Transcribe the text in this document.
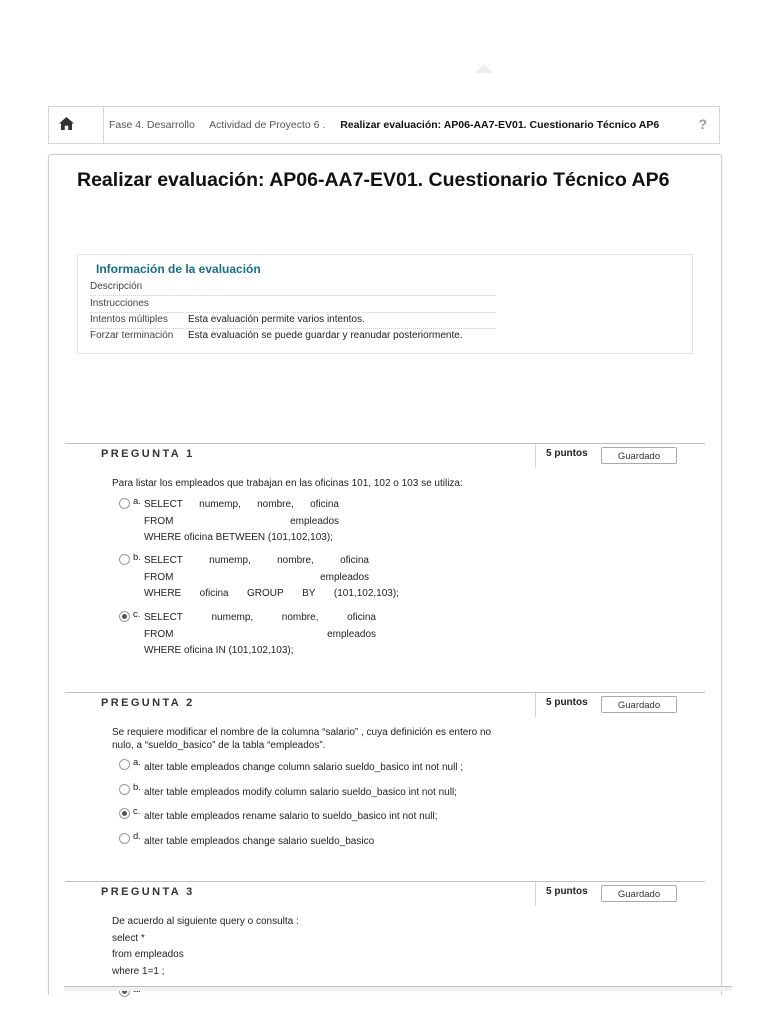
Fase 4. Desarrollo Actividad de Proyecto 6 . Realizar evaluación: AP06-AA7-EV01. Cuestionario Técnico AP6	?
Realizar evaluación: AP06-AA7-EV01. Cuestionario Técnico AP6
Información de la evaluación
Descripción
Instrucciones
Intentos múltiples Esta evaluación permite varios intentos.
Forzar terminación Esta evaluación se puede guardar y reanudar posteriormente.
PREGUNTA 1	5 puntos	Guardado
Para listar los empleados que trabajan en las oficinas 101, 102 o 103 se utiliza:
a. SELECT numemp, nombre, oficina
FROM	empleados
WHERE oficina BETWEEN (101,102,103);
b. SELECT	numemp,	nombre,	oficina
FROM	empleados
WHERE oficina GROUP BY (101,102,103);
c. SELECT	numemp,	nombre,	oficina
FROM	empleados
WHERE oficina IN (101,102,103);
PREGUNTA 2	5 puntos	Guardado
Se requiere modificar el nombre de la columna “salario” , cuya definición es entero no
nulo, a “sueldo_basico” de la tabla “empleados”.
a. alter table empleados change column salario sueldo_basico int not null ;
b. alter table empleados modify column salario sueldo_basico int not null;
c. alter table empleados rename salario to sueldo_basico int not null;
d. alter table empleados change salario sueldo_basico
PREGUNTA 3	5 puntos	Guardado
De acuerdo al siguiente query o consulta :
select *
from empleados
where 1=1 ;
